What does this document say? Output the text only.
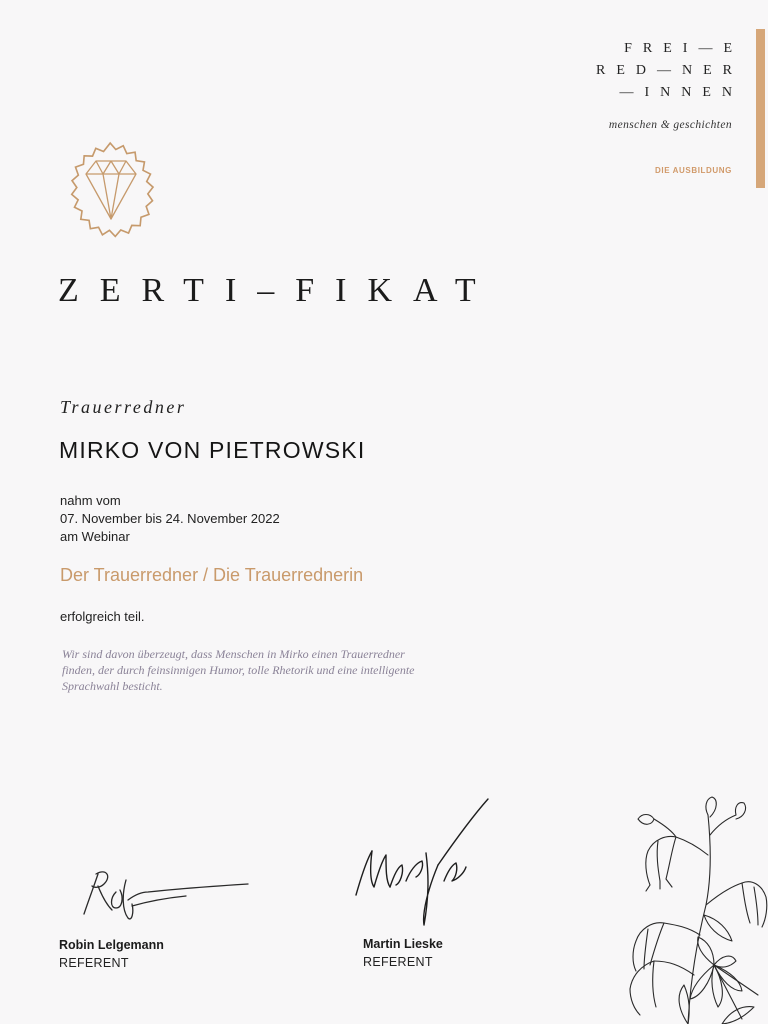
FREI—E
RED—NER
—INNEN
menschen & geschichten
DIE AUSBILDUNG
ZERTI–FIKAT
Trauerredner
MIRKO VON PIETROWSKI
nahm vom
07. November bis 24. November 2022
am Webinar
Der Trauerredner / Die Trauerrednerin
erfolgreich teil.
Wir sind davon überzeugt, dass Menschen in Mirko einen Trauerredner finden, der durch feinsinnigen Humor, tolle Rhetorik und eine intelligente Sprachwahl besticht.
Robin Lelgemann
REFERENT
Martin Lieske
REFERENT
